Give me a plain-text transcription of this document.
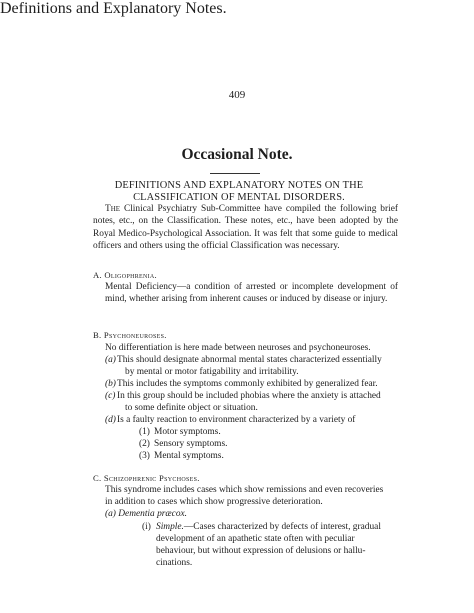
409
Occasional Note.
DEFINITIONS AND EXPLANATORY NOTES ON THE
CLASSIFICATION OF MENTAL DISORDERS.

The Clinical Psychiatry Sub-Committee have compiled the following brief notes, etc., on the Classification. These notes, etc., have been adopted by the Royal Medico-Psychological Association. It was felt that some guide to medical officers and others using the official Classification was necessary.

Definitions and Explanatory Notes.
A. Oligophrenia.
Mental Deficiency—a condition of arrested or incomplete development of mind, whether arising from inherent causes or induced by disease or injury.
B. Psychoneuroses.
No differentiation is here made between neuroses and psychoneuroses.
(a) This should designate abnormal mental states characterized essentially
by mental or motor fatigability and irritability.
(b) This includes the symptoms commonly exhibited by generalized fear.
(c) In this group should be included phobias where the anxiety is attached
to some definite object or situation.
(d) Is a faulty reaction to environment characterized by a variety of
(1) Motor symptoms.
(2) Sensory symptoms.
(3) Mental symptoms.
C. Schizophrenic Psychoses.
This syndrome includes cases which show remissions and even recoveries
in addition to cases which show progressive deterioration.
(a) Dementia præcox.
(i) Simple.—Cases characterized by defects of interest, gradual
development of an apathetic state often with peculiar
behaviour, but without expression of delusions or hallu-
cinations.
